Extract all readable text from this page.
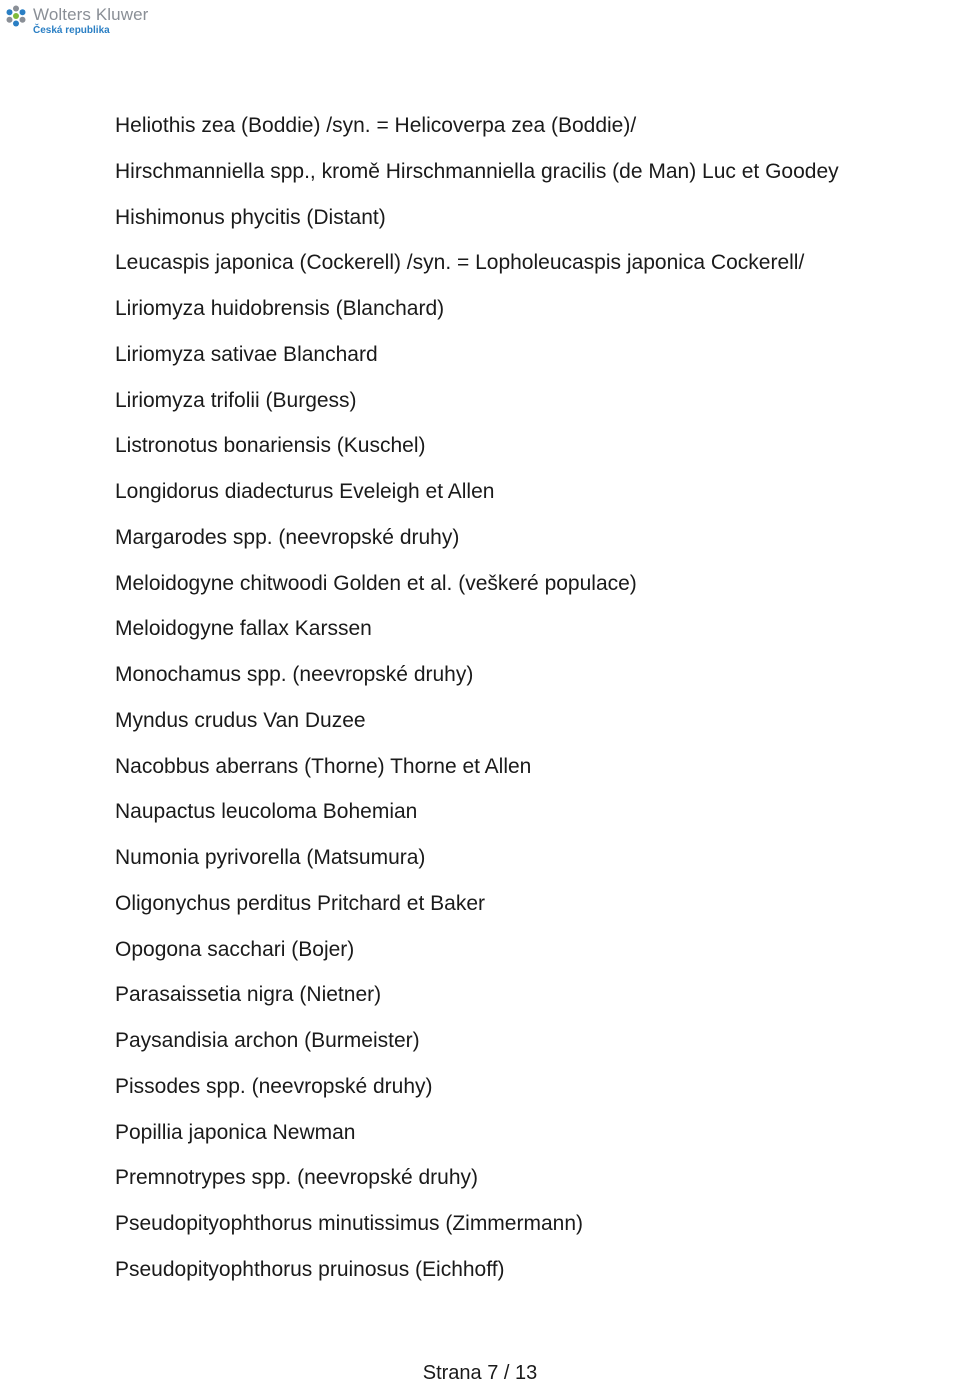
Wolters Kluwer
Česká republika
Heliothis zea (Boddie) /syn. = Helicoverpa zea (Boddie)/
Hirschmanniella spp., kromě Hirschmanniella gracilis (de Man) Luc et Goodey
Hishimonus phycitis (Distant)
Leucaspis japonica (Cockerell) /syn. = Lopholeucaspis japonica Cockerell/
Liriomyza huidobrensis (Blanchard)
Liriomyza sativae Blanchard
Liriomyza trifolii (Burgess)
Listronotus bonariensis (Kuschel)
Longidorus diadecturus Eveleigh et Allen
Margarodes spp. (neevropské druhy)
Meloidogyne chitwoodi Golden et al. (veškeré populace)
Meloidogyne fallax Karssen
Monochamus spp. (neevropské druhy)
Myndus crudus Van Duzee
Nacobbus aberrans (Thorne) Thorne et Allen
Naupactus leucoloma Bohemian
Numonia pyrivorella (Matsumura)
Oligonychus perditus Pritchard et Baker
Opogona sacchari (Bojer)
Parasaissetia nigra (Nietner)
Paysandisia archon (Burmeister)
Pissodes spp. (neevropské druhy)
Popillia japonica Newman
Premnotrypes spp. (neevropské druhy)
Pseudopityophthorus minutissimus (Zimmermann)
Pseudopityophthorus pruinosus (Eichhoff)
Strana 7 / 13
